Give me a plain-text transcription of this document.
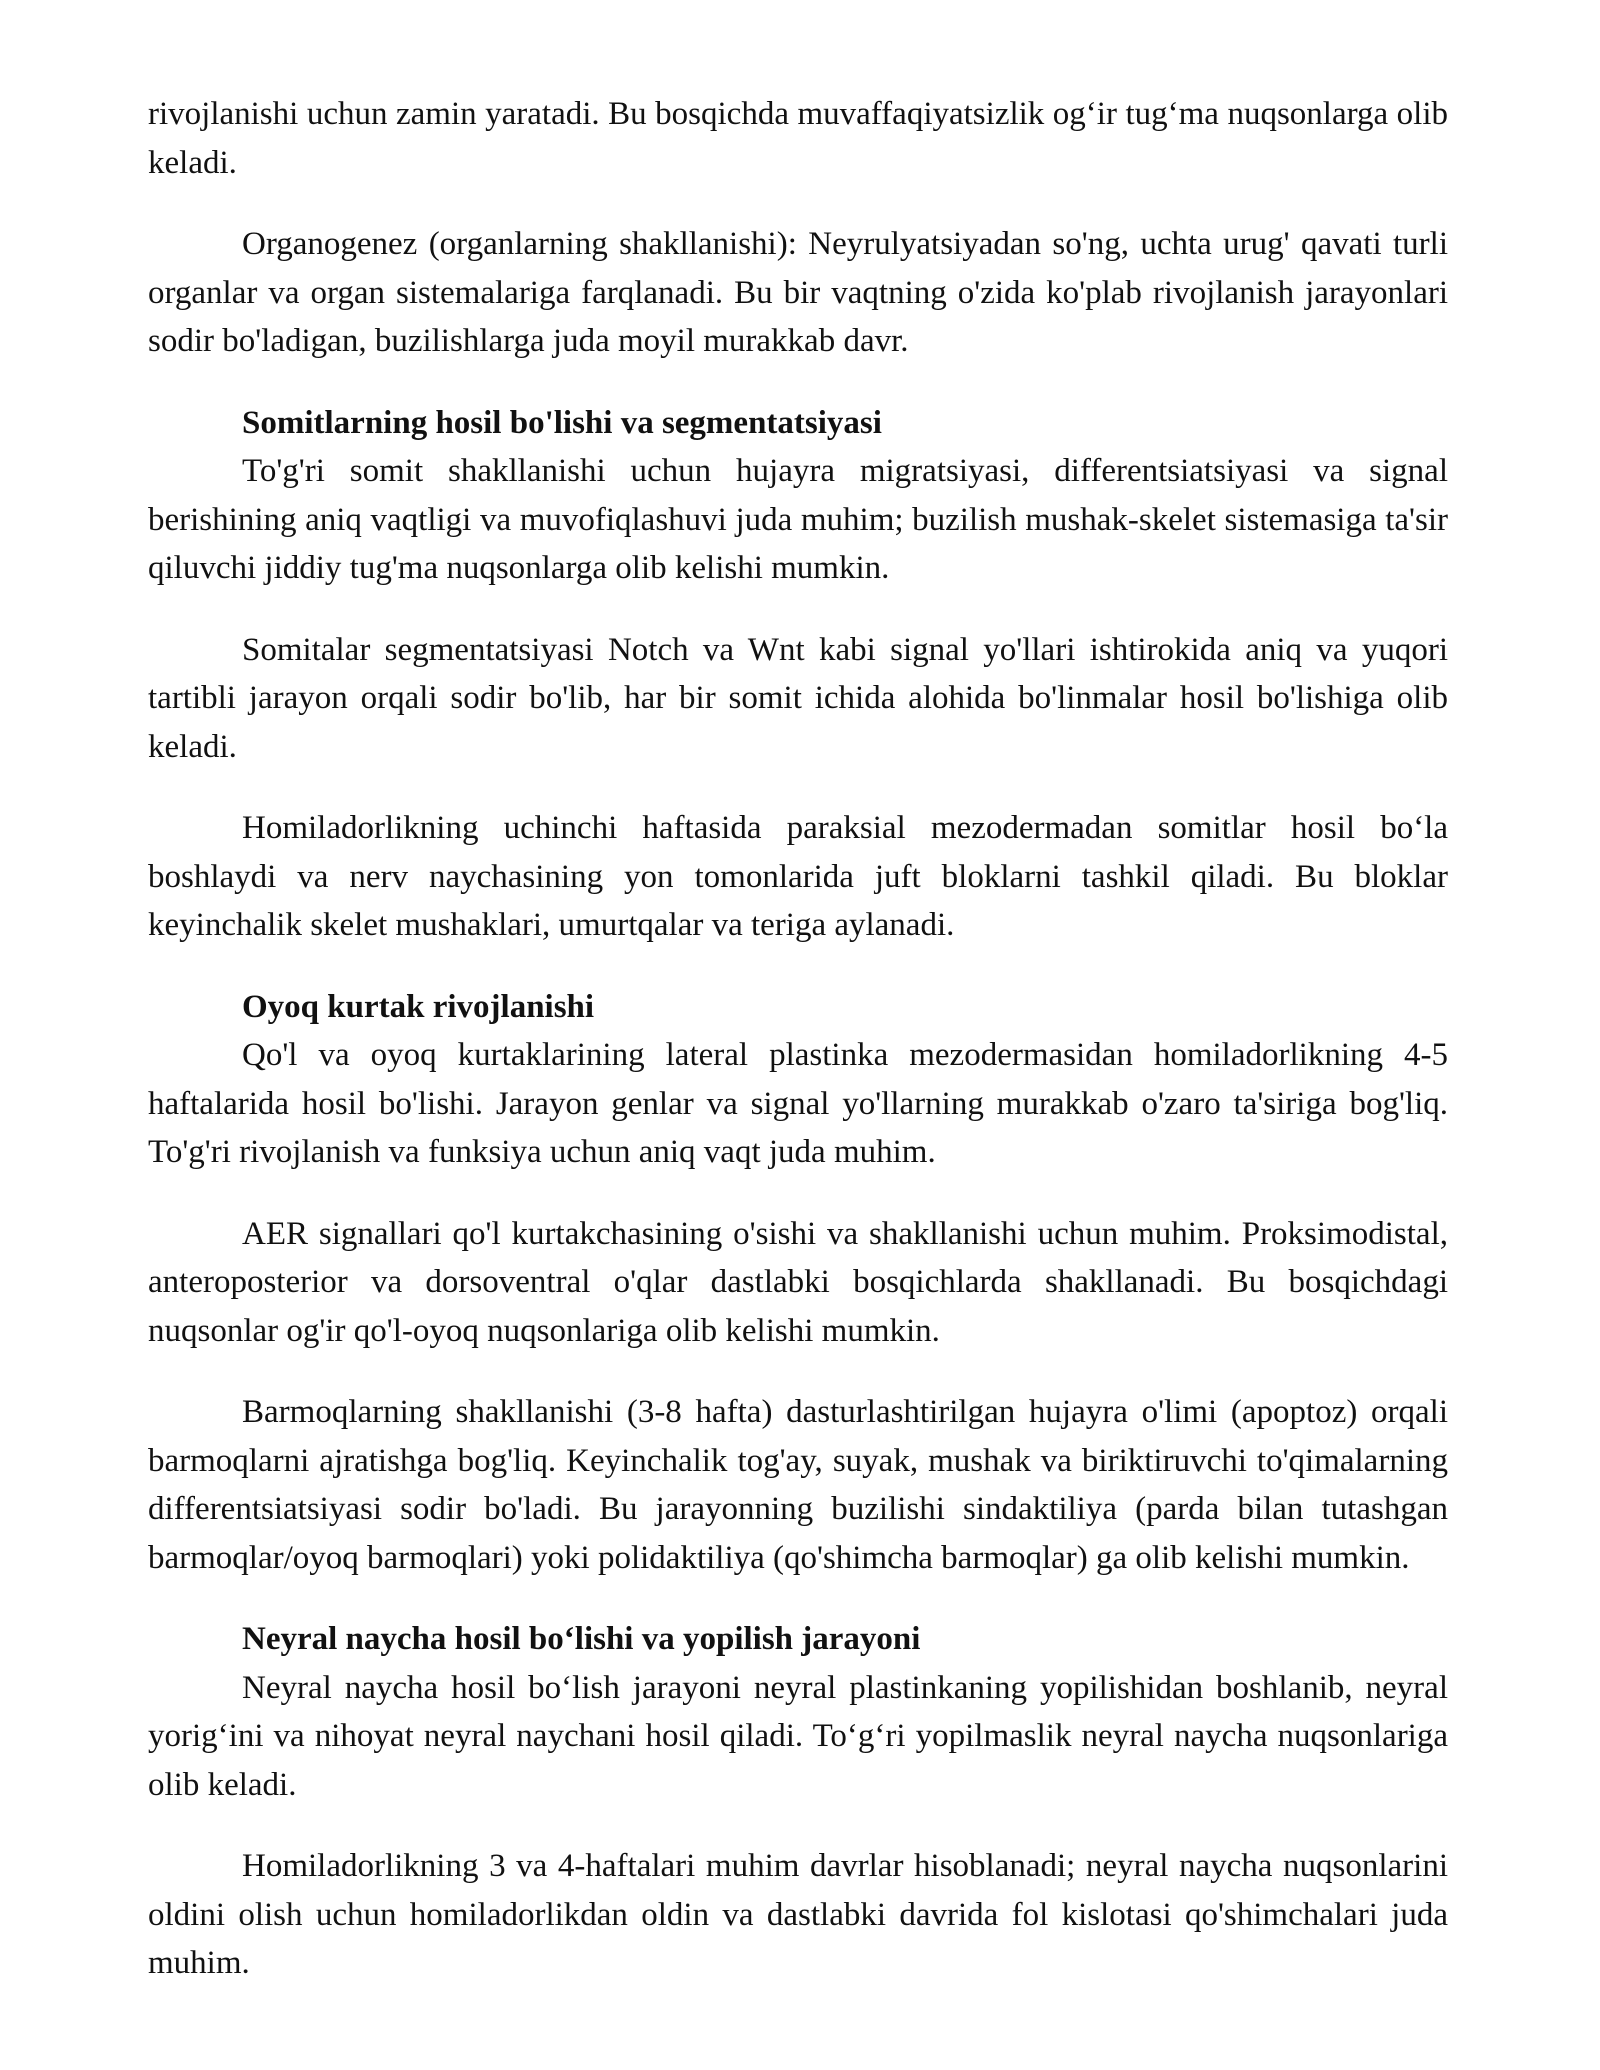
rivojlanishi uchun zamin yaratadi. Bu bosqichda muvaffaqiyatsizlik og‘ir tug‘ma nuqsonlarga olib keladi.

Organogenez (organlarning shakllanishi): Neyrulyatsiyadan so'ng, uchta urug' qavati turli organlar va organ sistemalariga farqlanadi. Bu bir vaqtning o'zida ko'plab rivojlanish jarayonlari sodir bo'ladigan, buzilishlarga juda moyil murakkab davr.

Somitlarning hosil bo'lishi va segmentatsiyasi

To'g'ri somit shakllanishi uchun hujayra migratsiyasi, differentsiatsiyasi va signal berishining aniq vaqtligi va muvofiqlashuvi juda muhim; buzilish mushak-skelet sistemasiga ta'sir qiluvchi jiddiy tug'ma nuqsonlarga olib kelishi mumkin.

Somitalar segmentatsiyasi Notch va Wnt kabi signal yo'llari ishtirokida aniq va yuqori tartibli jarayon orqali sodir bo'lib, har bir somit ichida alohida bo'linmalar hosil bo'lishiga olib keladi.

Homiladorlikning uchinchi haftasida paraksial mezodermadan somitlar hosil bo‘la boshlaydi va nerv naychasining yon tomonlarida juft bloklarni tashkil qiladi. Bu bloklar keyinchalik skelet mushaklari, umurtqalar va teriga aylanadi.

Oyoq kurtak rivojlanishi

Qo'l va oyoq kurtaklarining lateral plastinka mezodermasidan homiladorlikning 4-5 haftalarida hosil bo'lishi. Jarayon genlar va signal yo'llarning murakkab o'zaro ta'siriga bog'liq. To'g'ri rivojlanish va funksiya uchun aniq vaqt juda muhim.

AER signallari qo'l kurtakchasining o'sishi va shakllanishi uchun muhim. Proksimodistal, anteroposterior va dorsoventral o'qlar dastlabki bosqichlarda shakllanadi. Bu bosqichdagi nuqsonlar og'ir qo'l-oyoq nuqsonlariga olib kelishi mumkin.

Barmoqlarning shakllanishi (3-8 hafta) dasturlashtirilgan hujayra o'limi (apoptoz) orqali barmoqlarni ajratishga bog'liq. Keyinchalik tog'ay, suyak, mushak va biriktiruvchi to'qimalarning differentsiatsiyasi sodir bo'ladi. Bu jarayonning buzilishi sindaktiliya (parda bilan tutashgan barmoqlar/oyoq barmoqlari) yoki polidaktiliya (qo'shimcha barmoqlar) ga olib kelishi mumkin.

Neyral naycha hosil bo‘lishi va yopilish jarayoni

Neyral naycha hosil bo‘lish jarayoni neyral plastinkaning yopilishidan boshlanib, neyral yorig‘ini va nihoyat neyral naychani hosil qiladi. To‘g‘ri yopilmaslik neyral naycha nuqsonlariga olib keladi.

Homiladorlikning 3 va 4-haftalari muhim davrlar hisoblanadi; neyral naycha nuqsonlarini oldini olish uchun homiladorlikdan oldin va dastlabki davrida fol kislotasi qo'shimchalari juda muhim.
